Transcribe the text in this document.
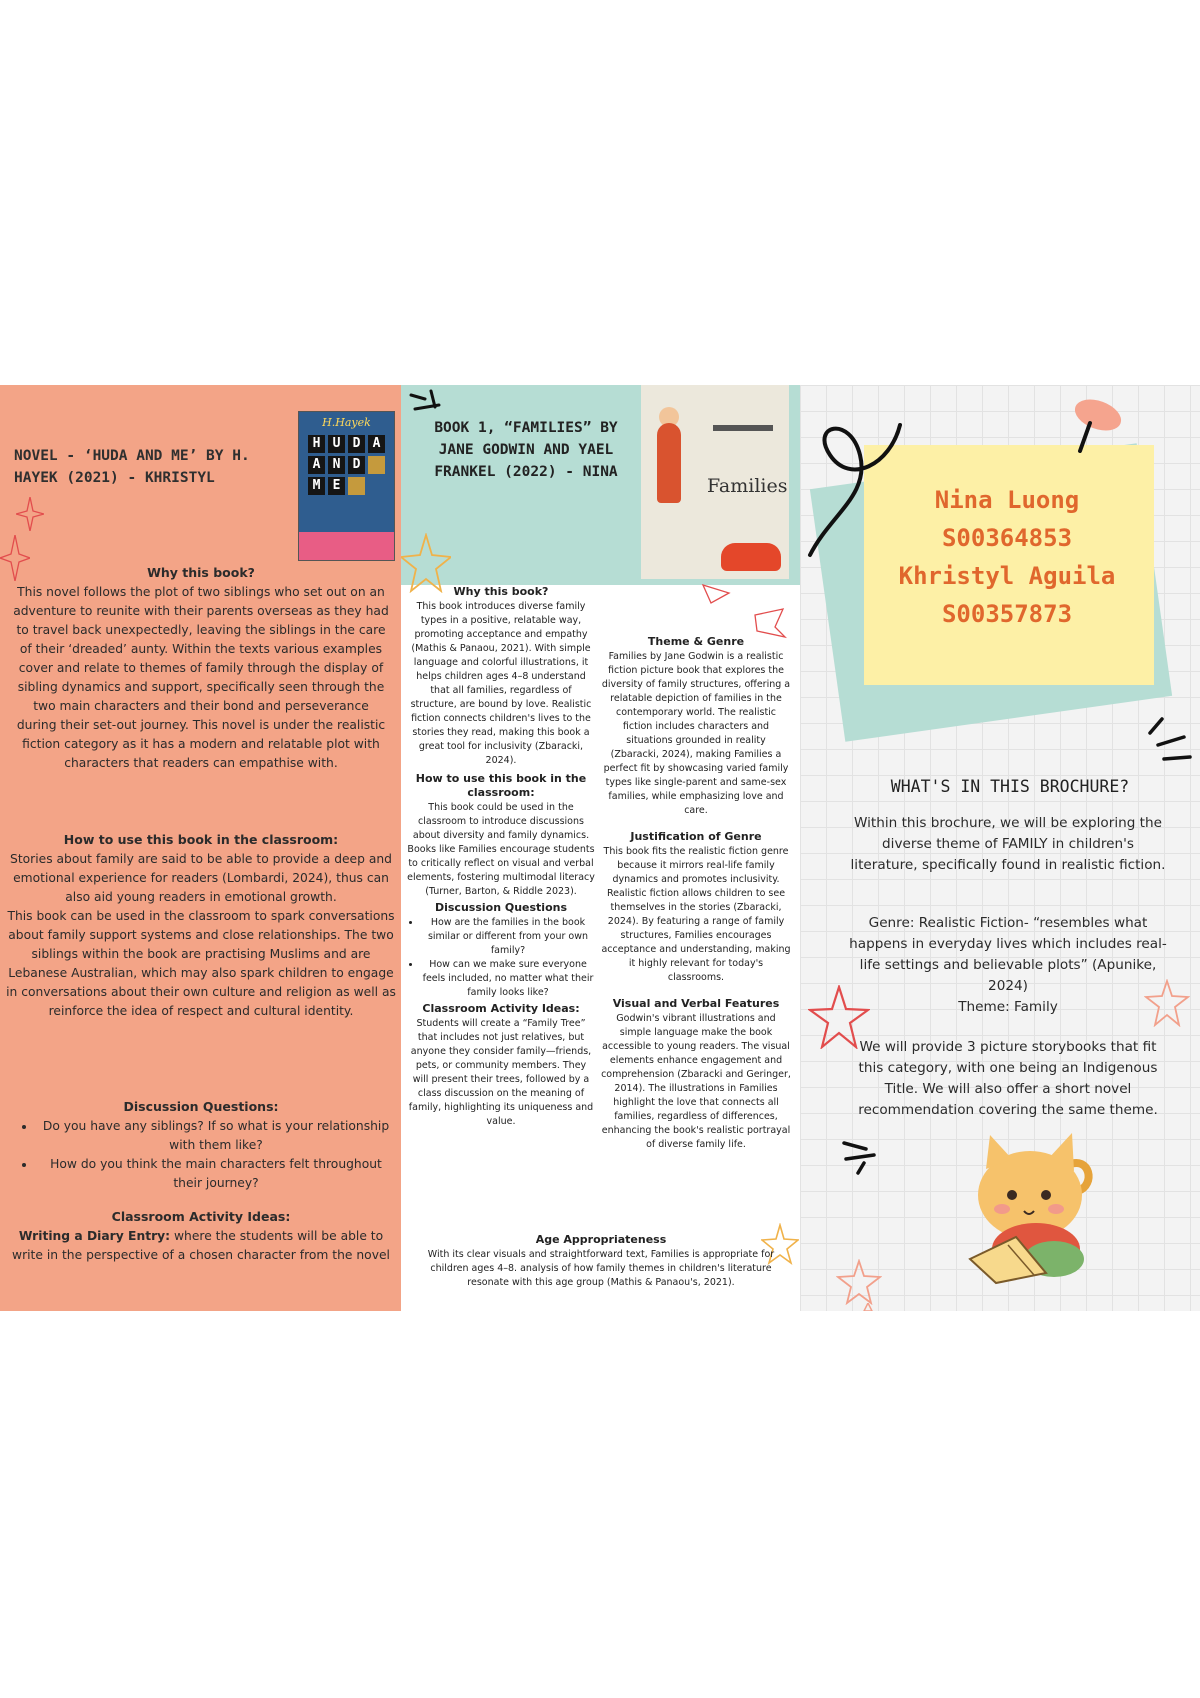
NOVEL - ‘HUDA AND ME’ BY H. HAYEK (2021) - KHRISTYL
H.Hayek
H U D A
A N D
M E
Why this book?
This novel follows the plot of two siblings who set out on an adventure to reunite with their parents overseas as they had to travel back unexpectedly, leaving the siblings in the care of their ‘dreaded’ aunty. Within the texts various examples cover and relate to themes of family through the display of sibling dynamics and support, specifically seen through the two main characters and their bond and perseverance during their set-out journey. This novel is under the realistic fiction category as it has a modern and relatable plot with characters that readers can empathise with.
How to use this book in the classroom:
Stories about family are said to be able to provide a deep and emotional experience for readers (Lombardi, 2024), thus can also aid young readers in emotional growth.
This book can be used in the classroom to spark conversations about family support systems and close relationships. The two siblings within the book are practising Muslims and are Lebanese Australian, which may also spark children to engage in conversations about their own culture and religion as well as reinforce the idea of respect and cultural identity.
Discussion Questions:
• Do you have any siblings? If so what is your relationship with them like?
• How do you think the main characters felt throughout their journey?
Classroom Activity Ideas:
Writing a Diary Entry: where the students will be able to write in the perspective of a chosen character from the novel
BOOK 1, “FAMILIES” BY JANE GODWIN AND YAEL FRANKEL (2022) - NINA
Families
Why this book?
This book introduces diverse family types in a positive, relatable way, promoting acceptance and empathy (Mathis & Panaou, 2021). With simple language and colorful illustrations, it helps children ages 4–8 understand that all families, regardless of structure, are bound by love. Realistic fiction connects children's lives to the stories they read, making this book a great tool for inclusivity (Zbaracki, 2024).
How to use this book in the classroom:
This book could be used in the classroom to introduce discussions about diversity and family dynamics. Books like Families encourage students to critically reflect on visual and verbal elements, fostering multimodal literacy (Turner, Barton, & Riddle 2023).
Discussion Questions
• How are the families in the book similar or different from your own family?
• How can we make sure everyone feels included, no matter what their family looks like?
Classroom Activity Ideas:
Students will create a “Family Tree” that includes not just relatives, but anyone they consider family—friends, pets, or community members. They will present their trees, followed by a class discussion on the meaning of family, highlighting its uniqueness and value.
Theme & Genre
Families by Jane Godwin is a realistic fiction picture book that explores the diversity of family structures, offering a relatable depiction of families in the contemporary world. The realistic fiction includes characters and situations grounded in reality (Zbaracki, 2024), making Families a perfect fit by showcasing varied family types like single-parent and same-sex families, while emphasizing love and care.
Justification of Genre
This book fits the realistic fiction genre because it mirrors real-life family dynamics and promotes inclusivity. Realistic fiction allows children to see themselves in the stories (Zbaracki, 2024). By featuring a range of family structures, Families encourages acceptance and understanding, making it highly relevant for today's classrooms.
Visual and Verbal Features
Godwin's vibrant illustrations and simple language make the book accessible to young readers. The visual elements enhance engagement and comprehension (Zbaracki and Geringer, 2014). The illustrations in Families highlight the love that connects all families, regardless of differences, enhancing the book's realistic portrayal of diverse family life.
Age Appropriateness
With its clear visuals and straightforward text, Families is appropriate for children ages 4–8. analysis of how family themes in children's literature resonate with this age group (Mathis & Panaou's, 2021).
Nina Luong
S00364853
Khristyl Aguila
S00357873
WHAT'S IN THIS BROCHURE?
Within this brochure, we will be exploring the diverse theme of FAMILY in children's literature, specifically found in realistic fiction.
Genre: Realistic Fiction- “resembles what happens in everyday lives which includes real-life settings and believable plots” (Apunike, 2024)
Theme: Family
We will provide 3 picture storybooks that fit this category, with one being an Indigenous Title. We will also offer a short novel recommendation covering the same theme.
